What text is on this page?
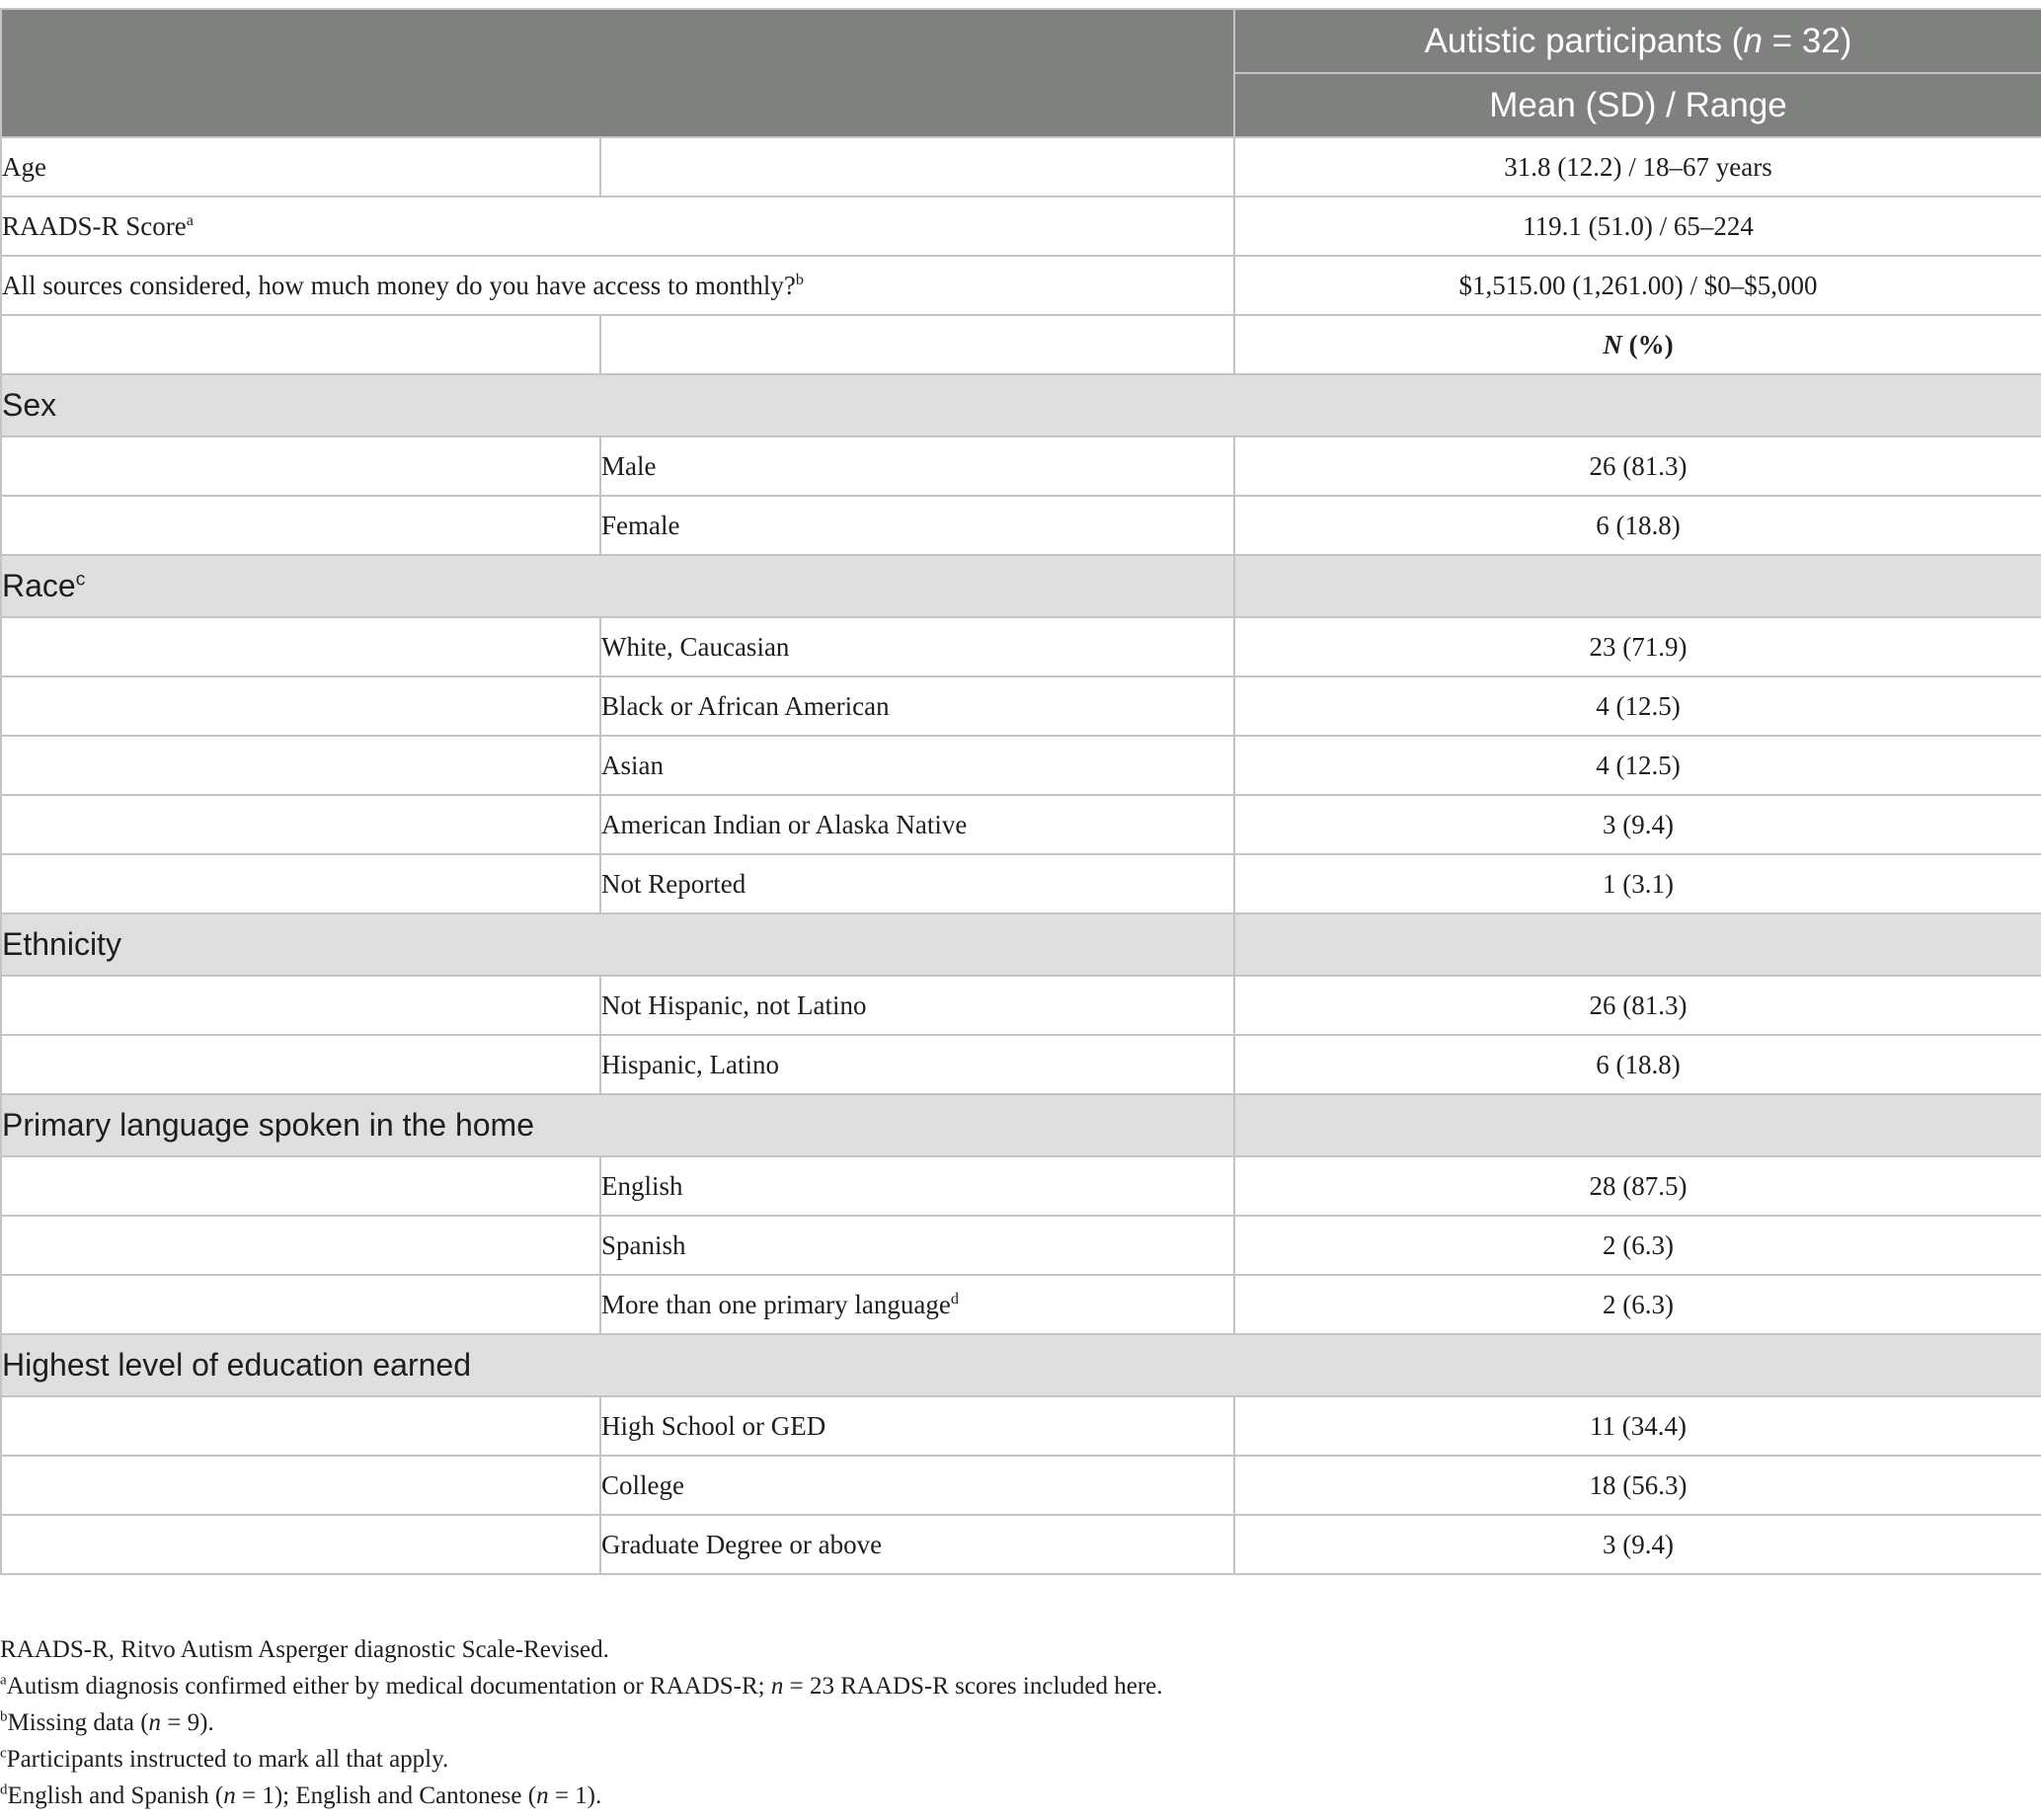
		Autistic participants (n = 32)
		Mean (SD) / Range
Age		31.8 (12.2) / 18–67 years
RAADS-R Score$^a$		119.1 (51.0) / 65–224
All sources considered, how much money do you have access to monthly?$^b$		$1,515.00 (1,261.00) / $0–$5,000
		N (%)
Sex		
	Male	26 (81.3)
	Female	6 (18.8)
Race$^c$	
	White, Caucasian	23 (71.9)
	Black or African American	4 (12.5)
	Asian	4 (12.5)
	American Indian or Alaska Native	3 (9.4)
	Not Reported	1 (3.1)
Ethnicity		
	Not Hispanic, not Latino	26 (81.3)
	Hispanic, Latino	6 (18.8)
Primary language spoken in the home		
	English	28 (87.5)
	Spanish	2 (6.3)
	More than one primary language$^d$	2 (6.3)
Highest level of education earned		
	High School or GED	11 (34.4)
	College	18 (56.3)
	Graduate Degree or above	3 (9.4)

RAADS-R, Ritvo Autism Asperger diagnostic Scale-Revised.

$^a$Autism diagnosis confirmed either by medical documentation or RAADS-R; n = 23 RAADS-R scores included here.

$^b$Missing data (n = 9).

$^c$Participants instructed to mark all that apply.

$^d$English and Spanish (n = 1); English and Cantonese (n = 1).
